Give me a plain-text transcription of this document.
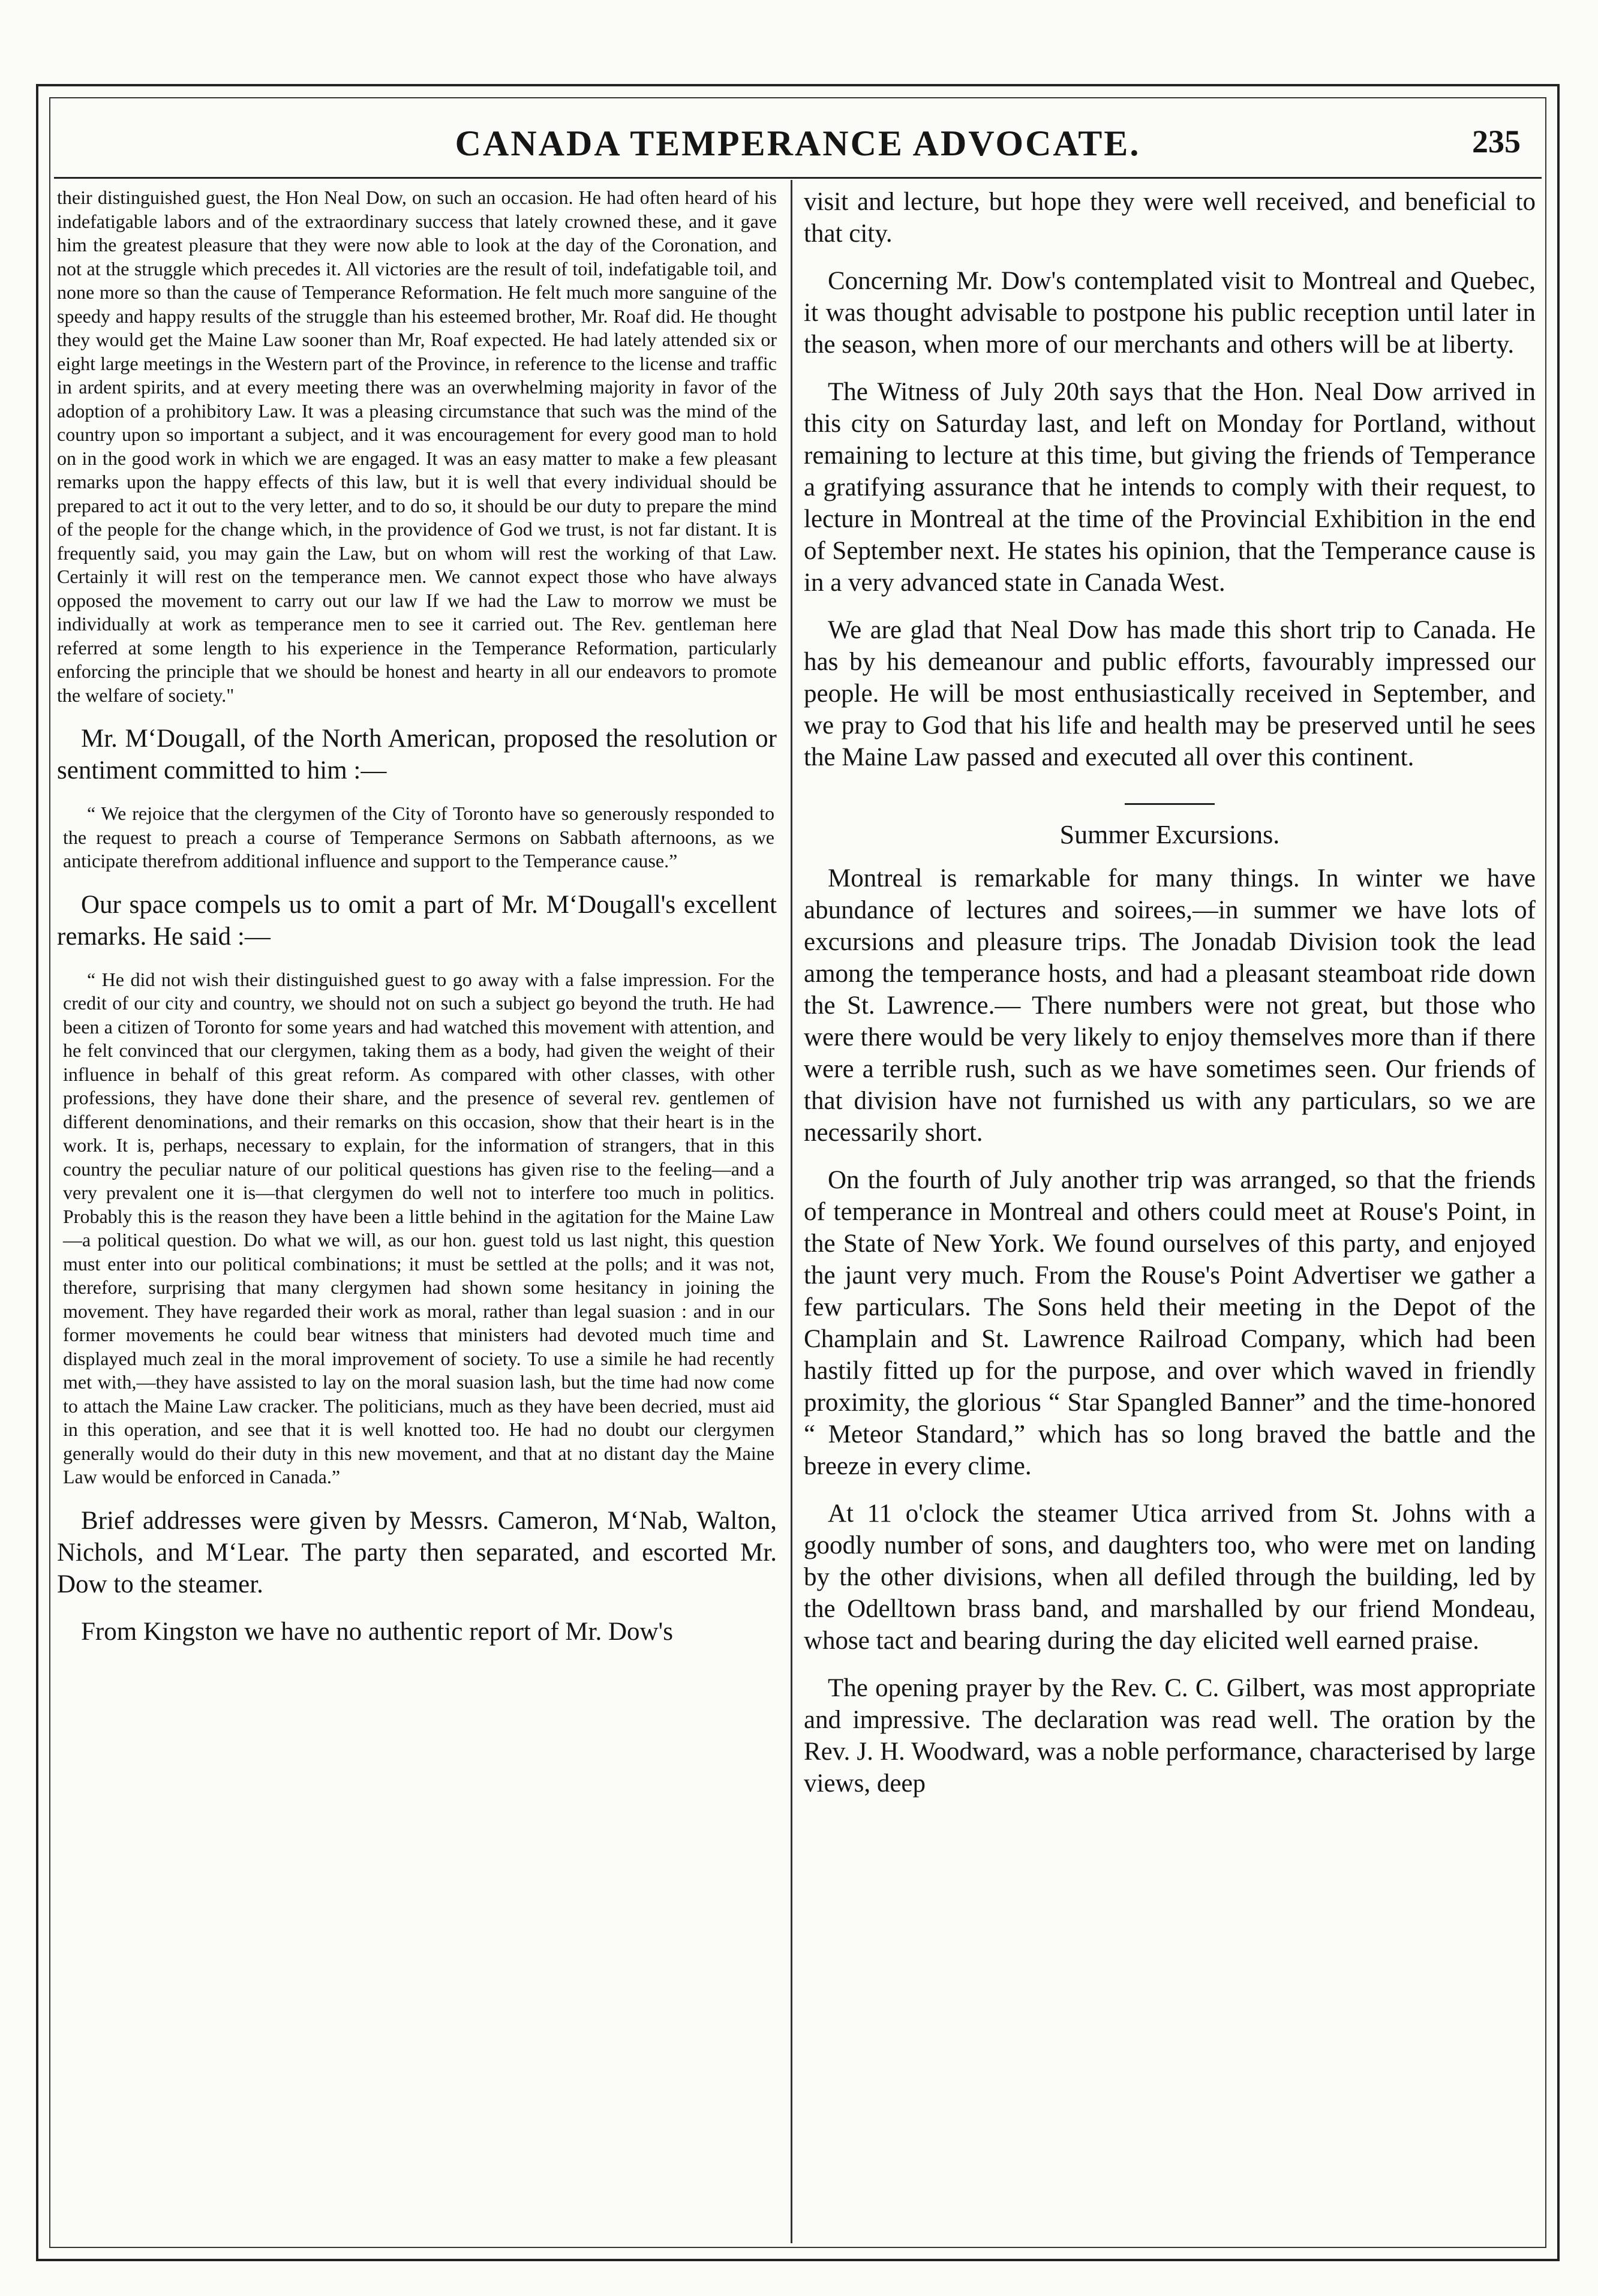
CANADA TEMPERANCE ADVOCATE.	235

their distinguished guest, the Hon Neal Dow, on such an occasion. He had often heard of his indefatigable labors and of the extraordinary success that lately crowned these, and it gave him the greatest pleasure that they were now able to look at the day of the Coronation, and not at the struggle which precedes it. All victories are the result of toil, indefatigable toil, and none more so than the cause of Temperance Reformation. He felt much more sanguine of the speedy and happy results of the struggle than his esteemed brother, Mr. Roaf did. He thought they would get the Maine Law sooner than Mr, Roaf expected. He had lately attended six or eight large meetings in the Western part of the Province, in reference to the license and traffic in ardent spirits, and at every meeting there was an overwhelming majority in favor of the adoption of a prohibitory Law. It was a pleasing circumstance that such was the mind of the country upon so important a subject, and it was encouragement for every good man to hold on in the good work in which we are engaged. It was an easy matter to make a few pleasant remarks upon the happy effects of this law, but it is well that every individual should be prepared to act it out to the very letter, and to do so, it should be our duty to prepare the mind of the people for the change which, in the providence of God we trust, is not far distant. It is frequently said, you may gain the Law, but on whom will rest the working of that Law. Certainly it will rest on the temperance men. We cannot expect those who have always opposed the movement to carry out our law If we had the Law to morrow we must be individually at work as temperance men to see it carried out. The Rev. gentleman here referred at some length to his experience in the Temperance Reformation, particularly enforcing the principle that we should be honest and hearty in all our endeavors to promote the welfare of society."

Mr. M‘Dougall, of the North American, proposed the resolution or sentiment committed to him :—

“ We rejoice that the clergymen of the City of Toronto have so generously responded to the request to preach a course of Temperance Sermons on Sabbath afternoons, as we anticipate therefrom additional influence and support to the Temperance cause.”

Our space compels us to omit a part of Mr. M‘Dougall's excellent remarks. He said :—

“ He did not wish their distinguished guest to go away with a false impression. For the credit of our city and country, we should not on such a subject go beyond the truth. He had been a citizen of Toronto for some years and had watched this movement with attention, and he felt convinced that our clergymen, taking them as a body, had given the weight of their influence in behalf of this great reform. As compared with other classes, with other professions, they have done their share, and the presence of several rev. gentlemen of different denominations, and their remarks on this occasion, show that their heart is in the work. It is, perhaps, necessary to explain, for the information of strangers, that in this country the peculiar nature of our political questions has given rise to the feeling—and a very prevalent one it is—that clergymen do well not to interfere too much in politics. Probably this is the reason they have been a little behind in the agitation for the Maine Law—a political question. Do what we will, as our hon. guest told us last night, this question must enter into our political combinations; it must be settled at the polls; and it was not, therefore, surprising that many clergymen had shown some hesitancy in joining the movement. They have regarded their work as moral, rather than legal suasion : and in our former movements he could bear witness that ministers had devoted much time and displayed much zeal in the moral improvement of society. To use a simile he had recently met with,—they have assisted to lay on the moral suasion lash, but the time had now come to attach the Maine Law cracker. The politicians, much as they have been decried, must aid in this operation, and see that it is well knotted too. He had no doubt our clergymen generally would do their duty in this new movement, and that at no distant day the Maine Law would be enforced in Canada.”

Brief addresses were given by Messrs. Cameron, M‘Nab, Walton, Nichols, and M‘Lear. The party then separated, and escorted Mr. Dow to the steamer.

From Kingston we have no authentic report of Mr. Dow's

visit and lecture, but hope they were well received, and beneficial to that city.

Concerning Mr. Dow's contemplated visit to Montreal and Quebec, it was thought advisable to postpone his public reception until later in the season, when more of our merchants and others will be at liberty.

The Witness of July 20th says that the Hon. Neal Dow arrived in this city on Saturday last, and left on Monday for Portland, without remaining to lecture at this time, but giving the friends of Temperance a gratifying assurance that he intends to comply with their request, to lecture in Montreal at the time of the Provincial Exhibition in the end of September next. He states his opinion, that the Temperance cause is in a very advanced state in Canada West.

We are glad that Neal Dow has made this short trip to Canada. He has by his demeanour and public efforts, favourably impressed our people. He will be most enthusiastically received in September, and we pray to God that his life and health may be preserved until he sees the Maine Law passed and executed all over this continent.

Summer Excursions.

Montreal is remarkable for many things. In winter we have abundance of lectures and soirees,—in summer we have lots of excursions and pleasure trips. The Jonadab Division took the lead among the temperance hosts, and had a pleasant steamboat ride down the St. Lawrence.— There numbers were not great, but those who were there would be very likely to enjoy themselves more than if there were a terrible rush, such as we have sometimes seen. Our friends of that division have not furnished us with any particulars, so we are necessarily short.

On the fourth of July another trip was arranged, so that the friends of temperance in Montreal and others could meet at Rouse's Point, in the State of New York. We found ourselves of this party, and enjoyed the jaunt very much. From the Rouse's Point Advertiser we gather a few particulars. The Sons held their meeting in the Depot of the Champlain and St. Lawrence Railroad Company, which had been hastily fitted up for the purpose, and over which waved in friendly proximity, the glorious “ Star Spangled Banner” and the time-honored “ Meteor Standard,” which has so long braved the battle and the breeze in every clime.

At 11 o'clock the steamer Utica arrived from St. Johns with a goodly number of sons, and daughters too, who were met on landing by the other divisions, when all defiled through the building, led by the Odelltown brass band, and marshalled by our friend Mondeau, whose tact and bearing during the day elicited well earned praise.

The opening prayer by the Rev. C. C. Gilbert, was most appropriate and impressive. The declaration was read well. The oration by the Rev. J. H. Woodward, was a noble performance, characterised by large views, deep
